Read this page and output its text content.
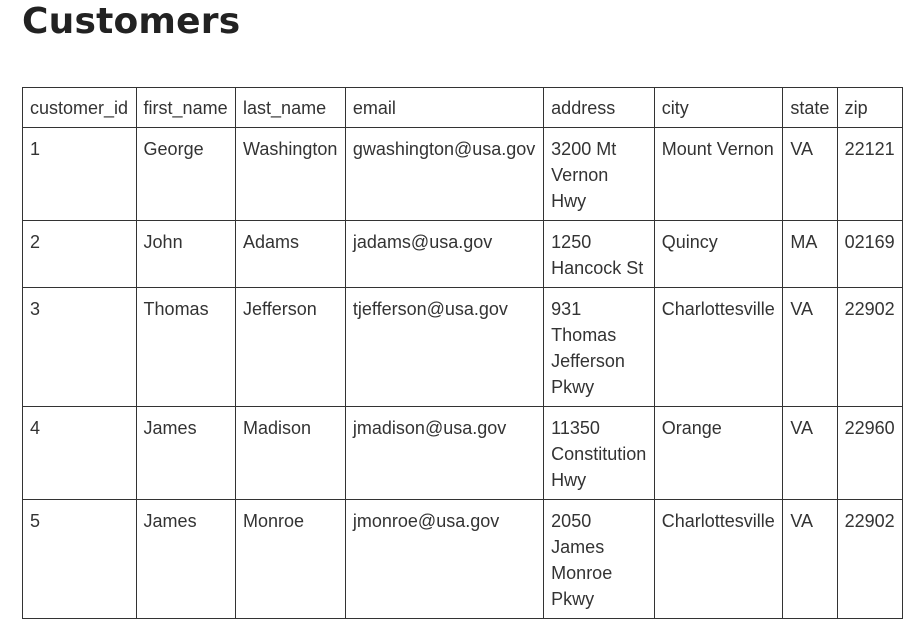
Customers
customer_id	first_name	last_name	email	address	city	state	zip
1	George	Washington	gwashington@usa.gov	3200 Mt Vernon Hwy	Mount Vernon	VA	22121
2	John	Adams	jadams@usa.gov	1250 Hancock St	Quincy	MA	02169
3	Thomas	Jefferson	tjefferson@usa.gov	931 Thomas Jefferson Pkwy	Charlottesville	VA	22902
4	James	Madison	jmadison@usa.gov	11350 Constitution Hwy	Orange	VA	22960
5	James	Monroe	jmonroe@usa.gov	2050 James Monroe Pkwy	Charlottesville	VA	22902
